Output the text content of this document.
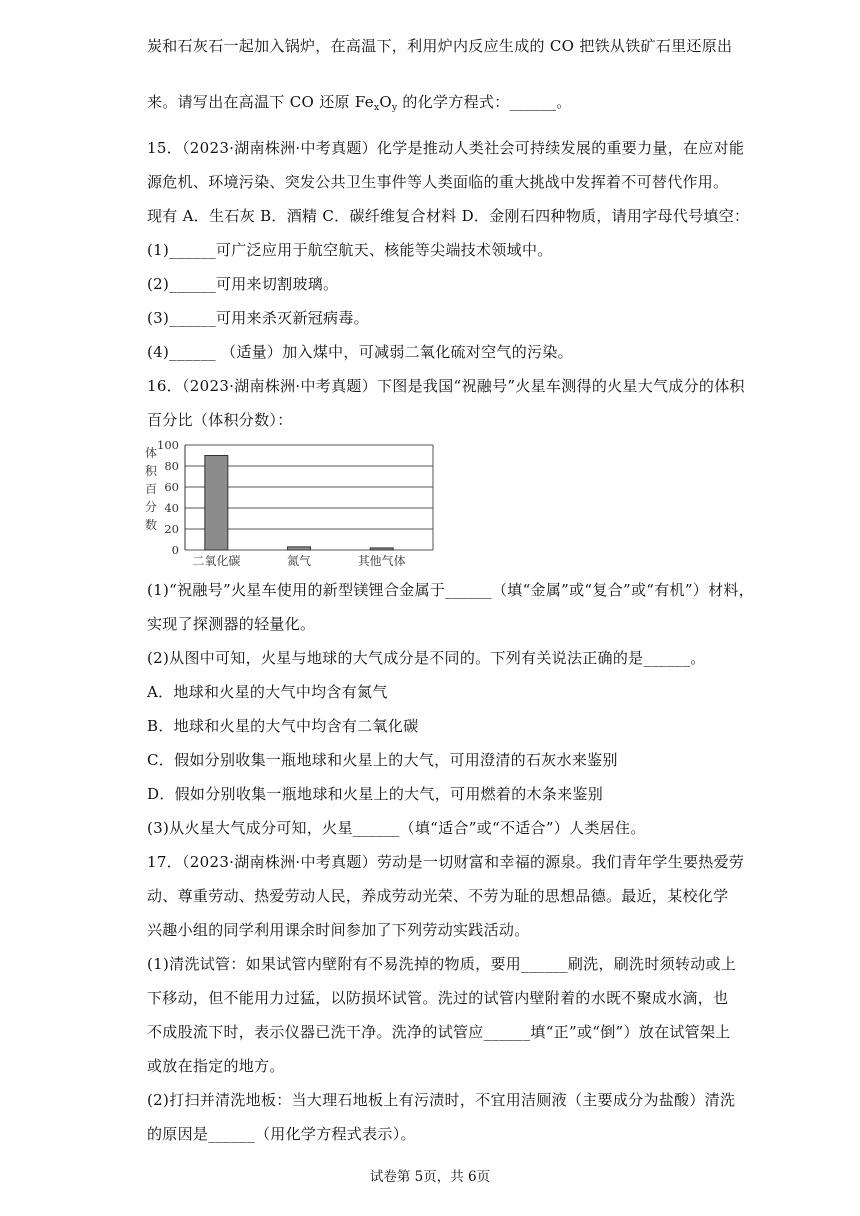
炭和石灰石一起加入锅炉，在高温下，利用炉内反应生成的 CO 把铁从铁矿石里还原出
来。请写出在高温下 CO 还原 $Fe_xO_y$ 的化学方程式：______。
15．（2023·湖南株洲·中考真题）化学是推动人类社会可持续发展的重要力量，在应对能
源危机、环境污染、突发公共卫生事件等人类面临的重大挑战中发挥着不可替代作用。
现有 A．生石灰 B．酒精 C．碳纤维复合材料 D．金刚石四种物质，请用字母代号填空：
(1)______可广泛应用于航空航天、核能等尖端技术领域中。
(2)______可用来切割玻璃。
(3)______可用来杀灭新冠病毒。
(4)______ （适量）加入煤中，可减弱二氧化硫对空气的污染。
16．（2023·湖南株洲·中考真题）下图是我国“祝融号”火星车测得的火星大气成分的体积
百分比（体积分数）：
(1)“祝融号”火星车使用的新型镁锂合金属于______（填“金属”或“复合”或“有机”）材料，
实现了探测器的轻量化。
(2)从图中可知，火星与地球的大气成分是不同的。下列有关说法正确的是______。
A．地球和火星的大气中均含有氮气
B．地球和火星的大气中均含有二氧化碳
C．假如分别收集一瓶地球和火星上的大气，可用澄清的石灰水来鉴别
D．假如分别收集一瓶地球和火星上的大气，可用燃着的木条来鉴别
(3)从火星大气成分可知，火星______（填“适合”或“不适合”）人类居住。
17．（2023·湖南株洲·中考真题）劳动是一切财富和幸福的源泉。我们青年学生要热爱劳
动、尊重劳动、热爱劳动人民，养成劳动光荣、不劳为耻的思想品德。最近，某校化学
兴趣小组的同学利用课余时间参加了下列劳动实践活动。
(1)清洗试管：如果试管内壁附有不易洗掉的物质，要用______刷洗，刷洗时须转动或上
下移动，但不能用力过猛，以防损坏试管。洗过的试管内壁附着的水既不聚成水滴，也
不成股流下时，表示仪器已洗干净。洗净的试管应______填“正”或“倒”）放在试管架上
或放在指定的地方。
(2)打扫并清洗地板：当大理石地板上有污渍时，不宜用洁厕液（主要成分为盐酸）清洗
的原因是______（用化学方程式表示）。
体
积
百
分
数
0
20
40
60
80
100
二氧化碳	氮气	其他气体
试卷第 5页，共 6页
